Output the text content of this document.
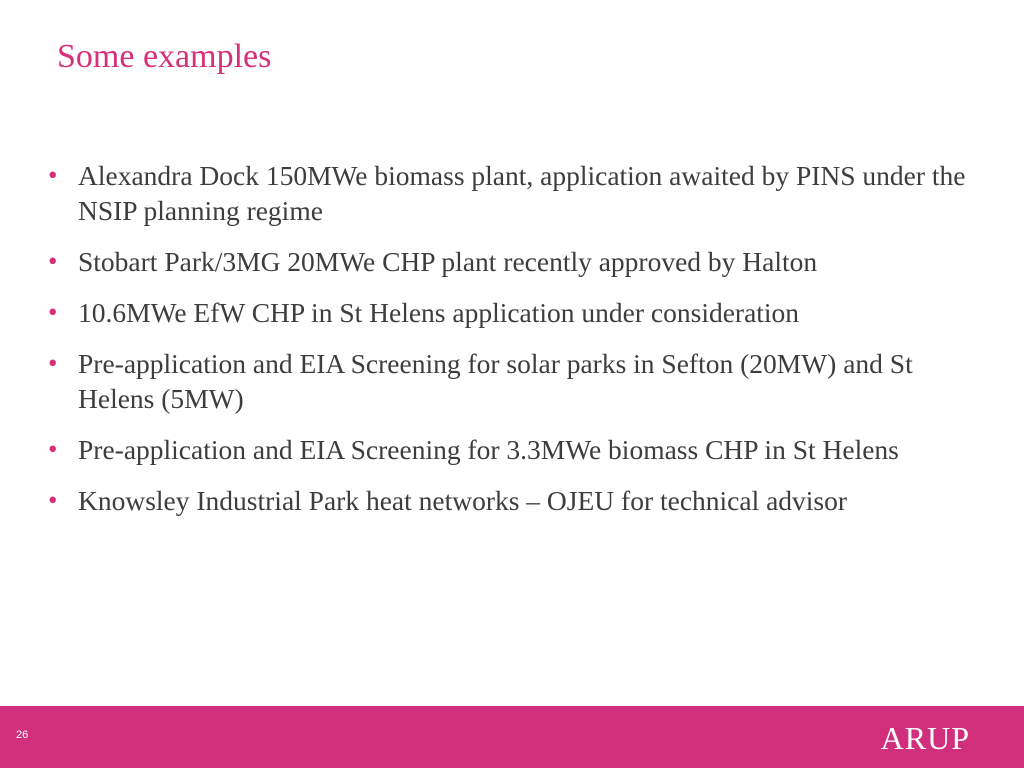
Some examples
• Alexandra Dock 150MWe biomass plant, application awaited by PINS under the NSIP planning regime
• Stobart Park/3MG 20MWe CHP plant recently approved by Halton
• 10.6MWe EfW CHP in St Helens application under consideration
• Pre-application and EIA Screening for solar parks in Sefton (20MW) and St Helens (5MW)
• Pre-application and EIA Screening for 3.3MWe biomass CHP in St Helens
• Knowsley Industrial Park heat networks – OJEU for technical advisor
26	ARUP
